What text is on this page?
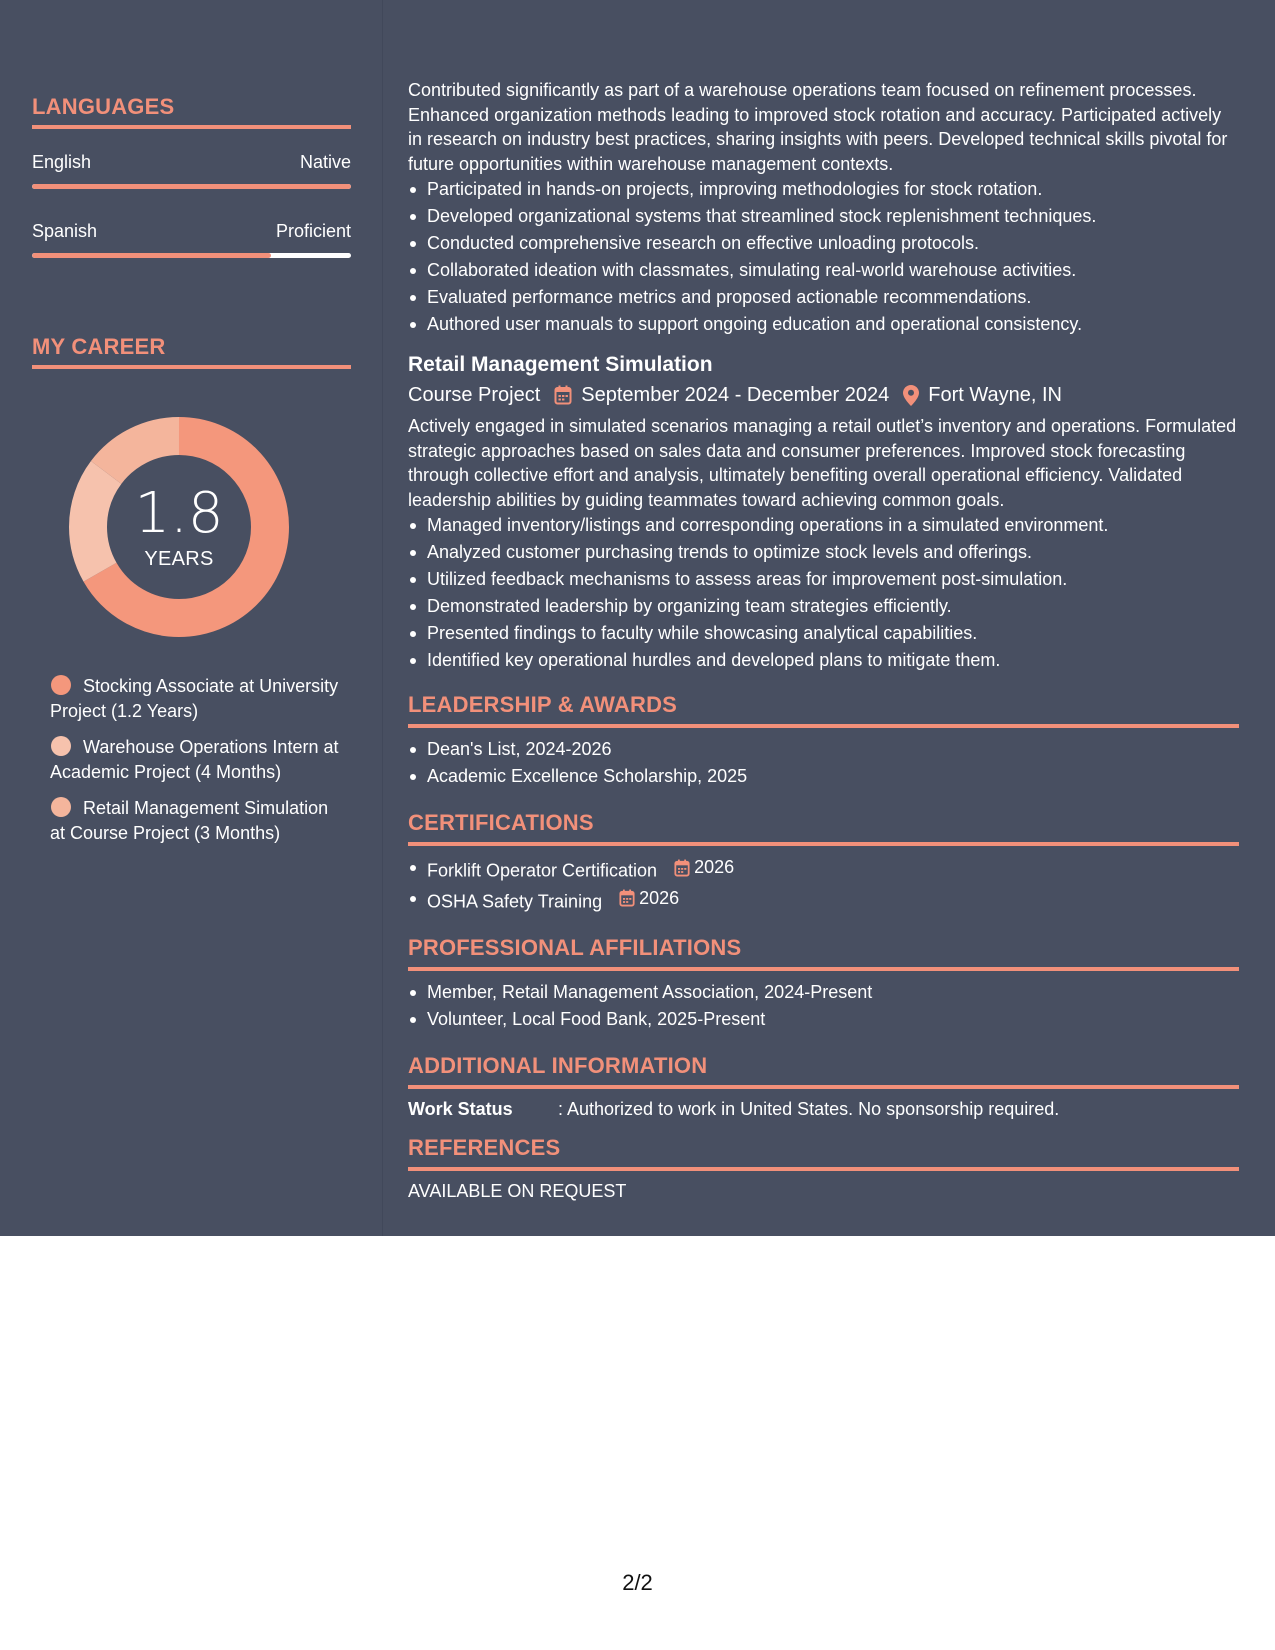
LANGUAGES
English	Native
Spanish	Proficient
MY CAREER
1.8
YEARS
Stocking Associate at University Project (1.2 Years)
Warehouse Operations Intern at Academic Project (4 Months)
Retail Management Simulation at Course Project (3 Months)

Contributed significantly as part of a warehouse operations team focused on refinement processes. Enhanced organization methods leading to improved stock rotation and accuracy. Participated actively in research on industry best practices, sharing insights with peers. Developed technical skills pivotal for future opportunities within warehouse management contexts.

Participated in hands-on projects, improving methodologies for stock rotation.
Developed organizational systems that streamlined stock replenishment techniques.
Conducted comprehensive research on effective unloading protocols.
Collaborated ideation with classmates, simulating real-world warehouse activities.
Evaluated performance metrics and proposed actionable recommendations.
Authored user manuals to support ongoing education and operational consistency.
Retail Management Simulation
Course Project September 2024 - December 2024 Fort Wayne, IN

Actively engaged in simulated scenarios managing a retail outlet’s inventory and operations. Formulated strategic approaches based on sales data and consumer preferences. Improved stock forecasting through collective effort and analysis, ultimately benefiting overall operational efficiency. Validated leadership abilities by guiding teammates toward achieving common goals.

Managed inventory/listings and corresponding operations in a simulated environment.
Analyzed customer purchasing trends to optimize stock levels and offerings.
Utilized feedback mechanisms to assess areas for improvement post-simulation.
Demonstrated leadership by organizing team strategies efficiently.
Presented findings to faculty while showcasing analytical capabilities.
Identified key operational hurdles and developed plans to mitigate them.
LEADERSHIP & AWARDS
Dean's List, 2024-2026
Academic Excellence Scholarship, 2025
CERTIFICATIONS
Forklift Operator Certification 2026
OSHA Safety Training 2026
PROFESSIONAL AFFILIATIONS
Member, Retail Management Association, 2024-Present
Volunteer, Local Food Bank, 2025-Present
ADDITIONAL INFORMATION
Work Status	: Authorized to work in United States. No sponsorship required.
REFERENCES
AVAILABLE ON REQUEST
2/2
